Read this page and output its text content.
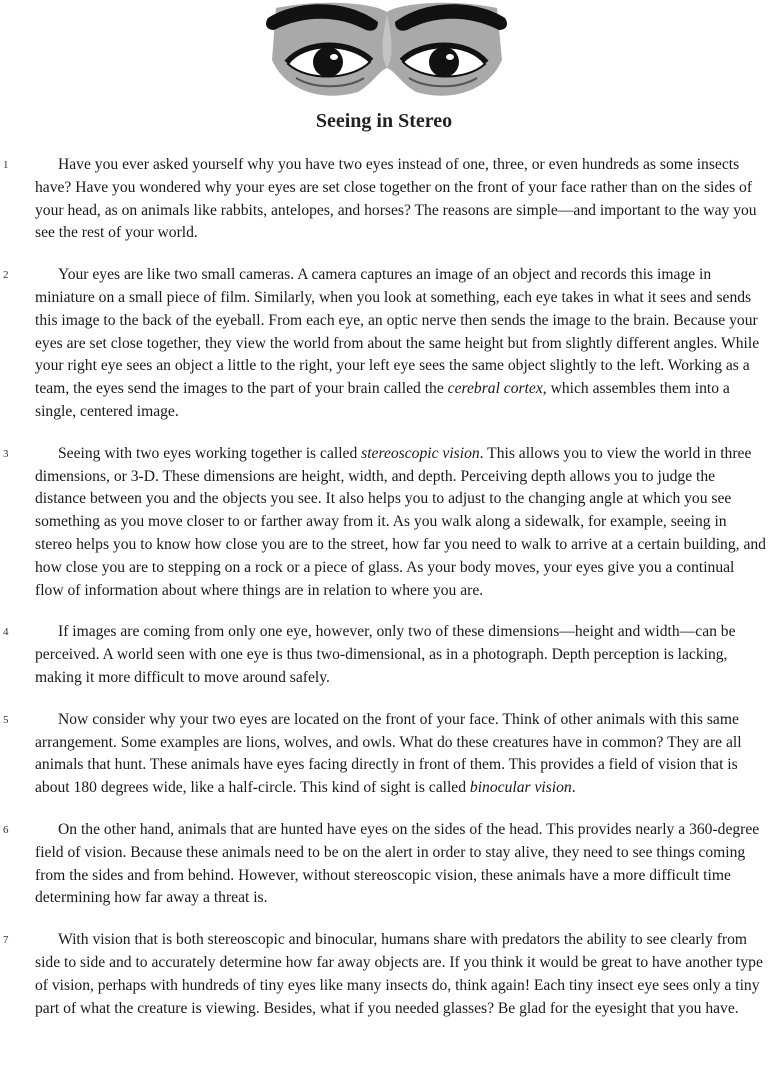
Seeing in Stereo
1	Have you ever asked yourself why you have two eyes instead of one, three, or even hundreds as some insects have? Have you wondered why your eyes are set close together on the front of your face rather than on the sides of your head, as on animals like rabbits, antelopes, and horses? The reasons are simple—and important to the way you see the rest of your world.

2	Your eyes are like two small cameras. A camera captures an image of an object and records this image in miniature on a small piece of film. Similarly, when you look at something, each eye takes in what it sees and sends this image to the back of the eyeball. From each eye, an optic nerve then sends the image to the brain. Because your eyes are set close together, they view the world from about the same height but from slightly different angles. While your right eye sees an object a little to the right, your left eye sees the same object slightly to the left. Working as a team, the eyes send the images to the part of your brain called the cerebral cortex, which assembles them into a single, centered image.

3	Seeing with two eyes working together is called stereoscopic vision. This allows you to view the world in three dimensions, or 3-D. These dimensions are height, width, and depth. Perceiving depth allows you to judge the distance between you and the objects you see. It also helps you to adjust to the changing angle at which you see something as you move closer to or farther away from it. As you walk along a sidewalk, for example, seeing in stereo helps you to know how close you are to the street, how far you need to walk to arrive at a certain building, and how close you are to stepping on a rock or a piece of glass. As your body moves, your eyes give you a continual flow of information about where things are in relation to where you are.

4	If images are coming from only one eye, however, only two of these dimensions—height and width—can be perceived. A world seen with one eye is thus two-dimensional, as in a photograph. Depth perception is lacking, making it more difficult to move around safely.

5	Now consider why your two eyes are located on the front of your face. Think of other animals with this same arrangement. Some examples are lions, wolves, and owls. What do these creatures have in common? They are all animals that hunt. These animals have eyes facing directly in front of them. This provides a field of vision that is about 180 degrees wide, like a half-circle. This kind of sight is called binocular vision.

6	On the other hand, animals that are hunted have eyes on the sides of the head. This provides nearly a 360-degree field of vision. Because these animals need to be on the alert in order to stay alive, they need to see things coming from the sides and from behind. However, without stereoscopic vision, these animals have a more difficult time determining how far away a threat is.

7	With vision that is both stereoscopic and binocular, humans share with predators the ability to see clearly from side to side and to accurately determine how far away objects are. If you think it would be great to have another type of vision, perhaps with hundreds of tiny eyes like many insects do, think again! Each tiny insect eye sees only a tiny part of what the creature is viewing. Besides, what if you needed glasses? Be glad for the eyesight that you have.
